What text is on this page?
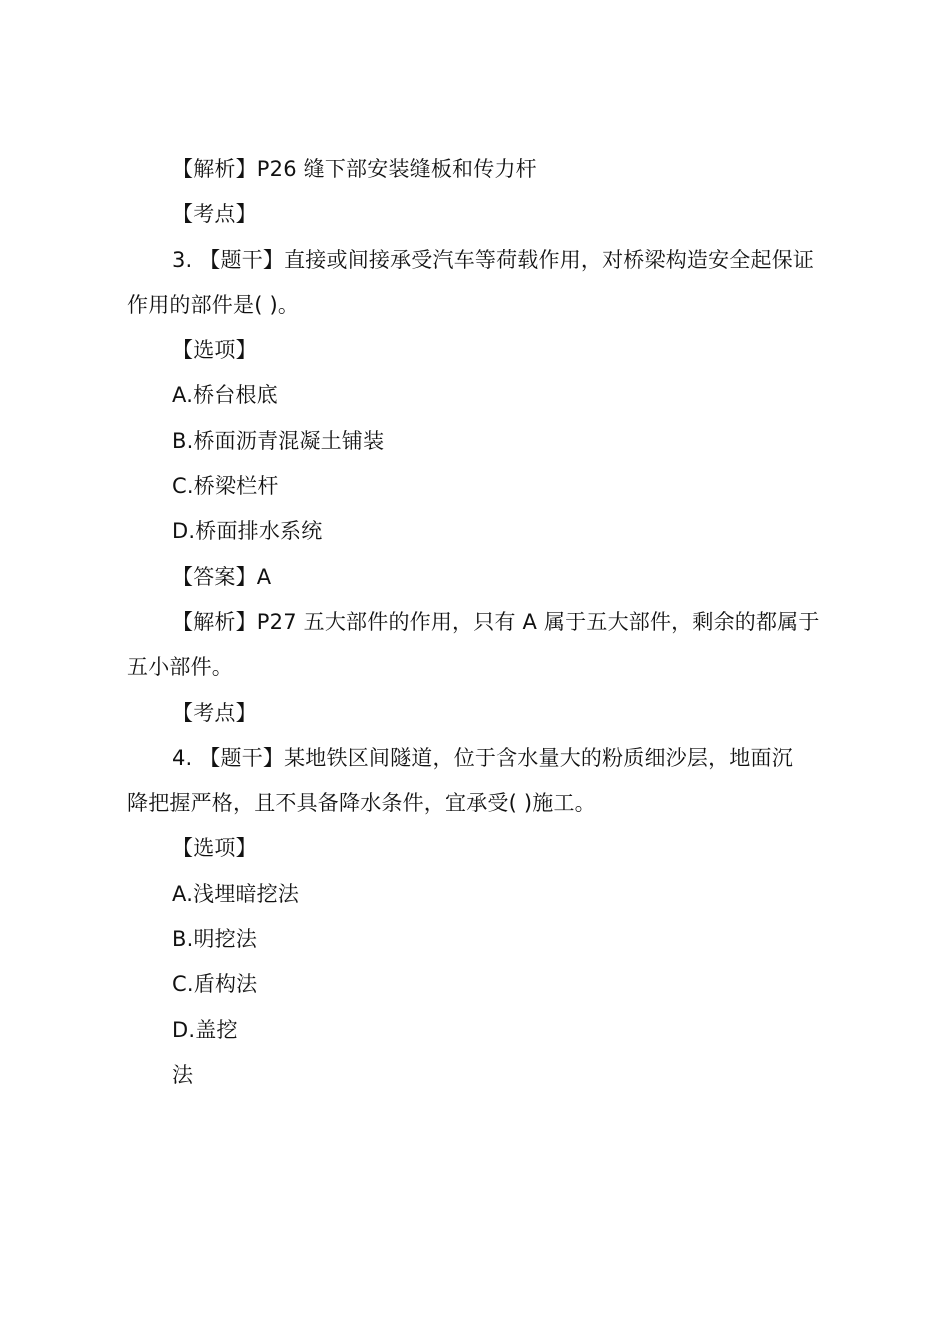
【解析】P26 缝下部安装缝板和传力杆

【考点】

3. 【题干】直接或间接承受汽车等荷载作用，对桥梁构造安全起保证

作用的部件是( )。

【选项】

A.桥台根底

B.桥面沥青混凝土铺装

C.桥梁栏杆

D.桥面排水系统

【答案】A

【解析】P27 五大部件的作用，只有 A 属于五大部件，剩余的都属于

五小部件。

【考点】

4. 【题干】某地铁区间隧道，位于含水量大的粉质细沙层，地面沉

降把握严格，且不具备降水条件，宜承受( )施工。

【选项】

A.浅埋暗挖法

B.明挖法

C.盾构法

D.盖挖

法
